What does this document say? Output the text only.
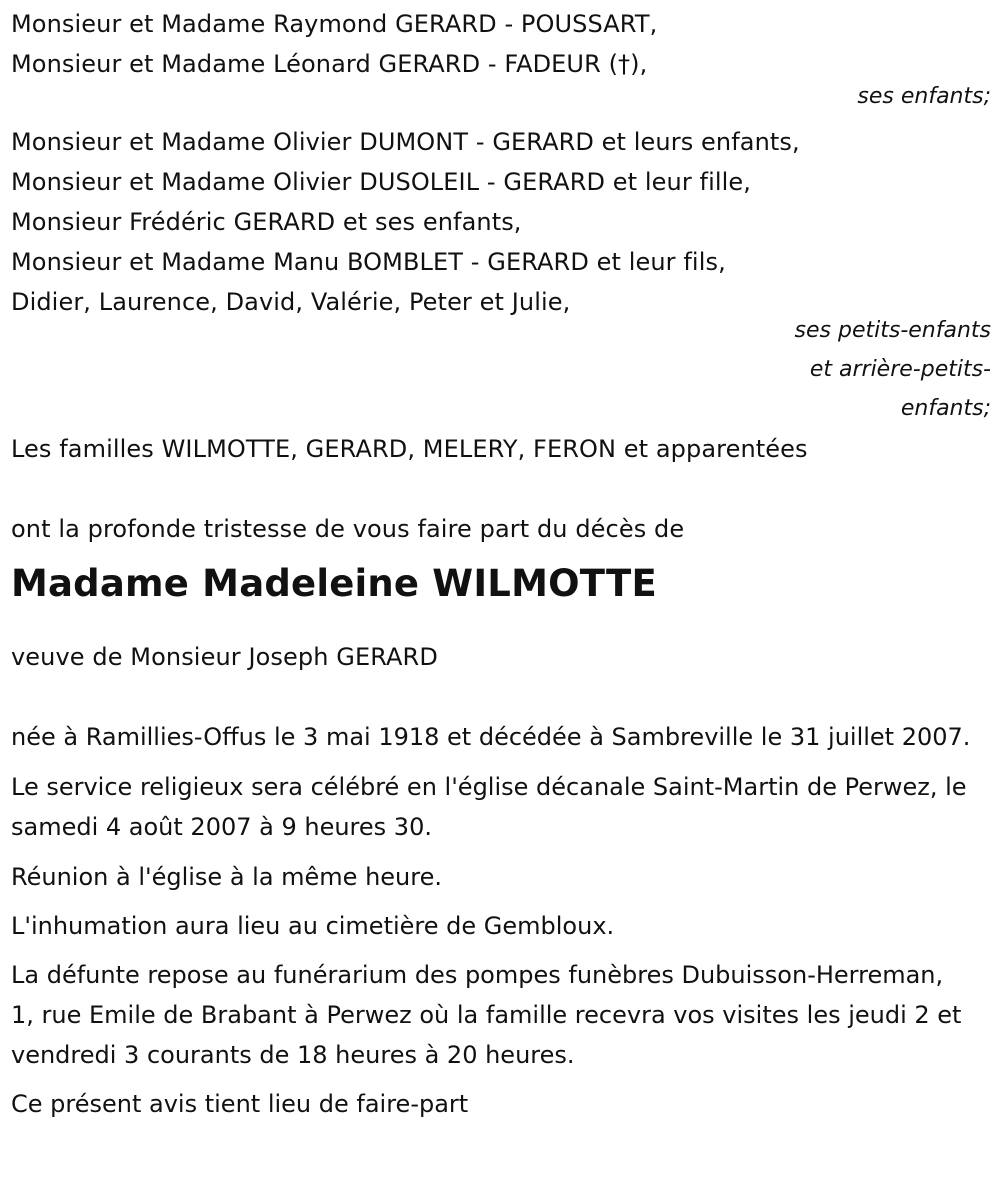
Monsieur et Madame Raymond GERARD - POUSSART,
Monsieur et Madame Léonard GERARD - FADEUR (†),
ses enfants;
Monsieur et Madame Olivier DUMONT - GERARD et leurs enfants,
Monsieur et Madame Olivier DUSOLEIL - GERARD et leur fille,
Monsieur Frédéric GERARD et ses enfants,
Monsieur et Madame Manu BOMBLET - GERARD et leur fils,
Didier, Laurence, David, Valérie, Peter et Julie,
ses petits-enfants
et arrière-petits-
enfants;
Les familles WILMOTTE, GERARD, MELERY, FERON et apparentées
ont la profonde tristesse de vous faire part du décès de
Madame Madeleine WILMOTTE
veuve de Monsieur Joseph GERARD
née à Ramillies-Offus le 3 mai 1918 et décédée à Sambreville le 31 juillet 2007.
Le service religieux sera célébré en l'église décanale Saint-Martin de Perwez, le samedi 4 août 2007 à 9 heures 30.
Réunion à l'église à la même heure.
L'inhumation aura lieu au cimetière de Gembloux.
La défunte repose au funérarium des pompes funèbres Dubuisson-Herreman, 1, rue Emile de Brabant à Perwez où la famille recevra vos visites les jeudi 2 et vendredi 3 courants de 18 heures à 20 heures.
Ce présent avis tient lieu de faire-part
